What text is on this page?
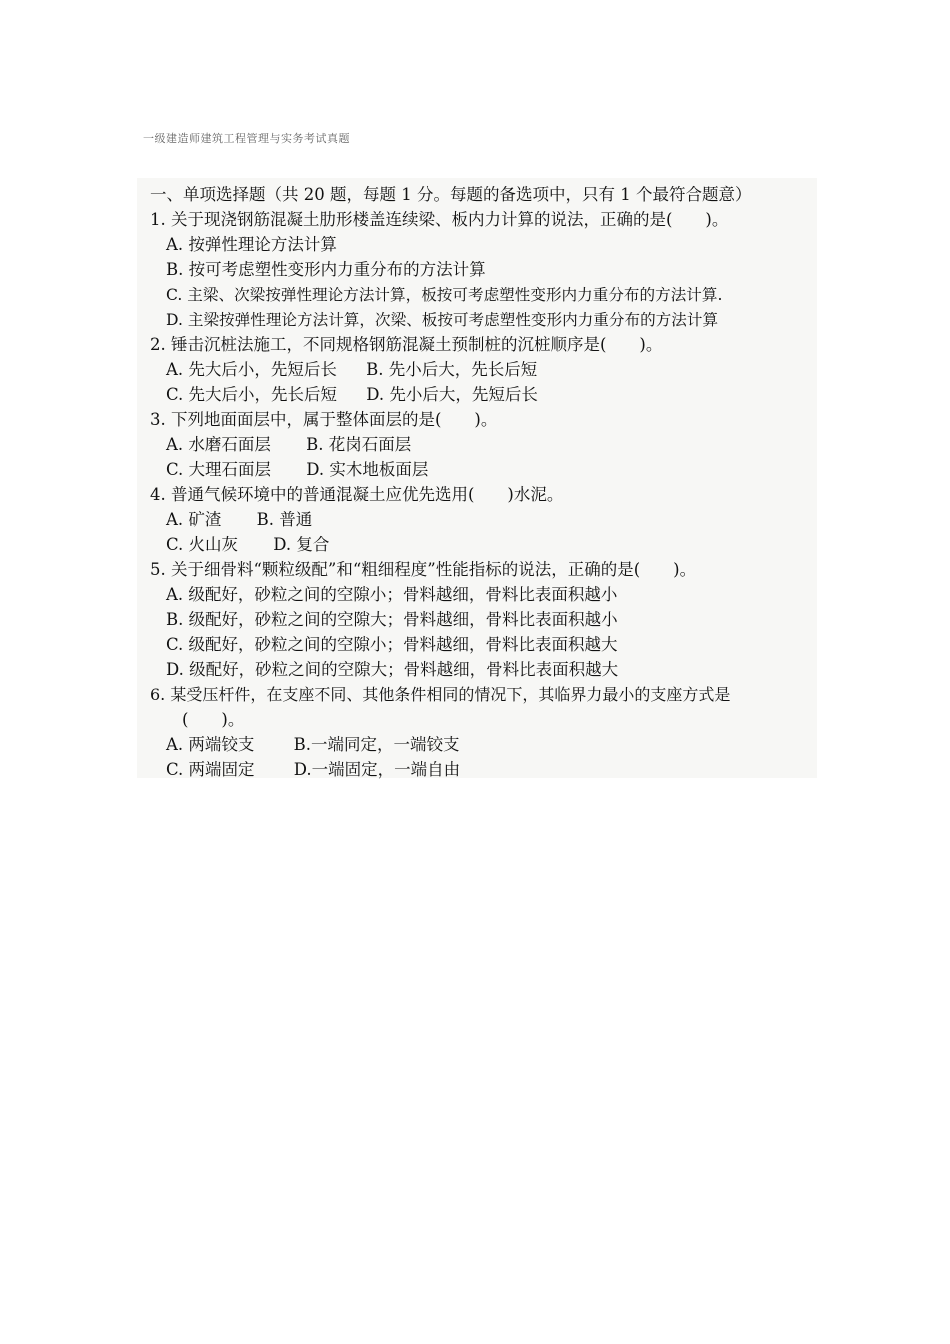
一级建造师建筑工程管理与实务考试真题
一、单项选择题（共 20 题，每题 1 分。每题的备选项中，只有 1 个最符合题意）
1. 关于现浇钢筋混凝土肋形楼盖连续梁、板内力计算的说法，正确的是(　　)。
A. 按弹性理论方法计算
B. 按可考虑塑性变形内力重分布的方法计算
C. 主梁、次梁按弹性理论方法计算，板按可考虑塑性变形内力重分布的方法计算.
D. 主梁按弹性理论方法计算，次梁、板按可考虑塑性变形内力重分布的方法计算
2. 锤击沉桩法施工，不同规格钢筋混凝土预制桩的沉桩顺序是(　　)。
A. 先大后小，先短后长 B. 先小后大，先长后短
C. 先大后小，先长后短 D. 先小后大，先短后长
3. 下列地面面层中，属于整体面层的是(　　)。
A. 水磨石面层 B. 花岗石面层
C. 大理石面层 D. 实木地板面层
4. 普通气候环境中的普通混凝土应优先选用(　　)水泥。
A. 矿渣 B. 普通
C. 火山灰 D. 复合
5. 关于细骨料“颗粒级配”和“粗细程度”性能指标的说法，正确的是(　　)。
A. 级配好，砂粒之间的空隙小；骨料越细，骨料比表面积越小
B. 级配好，砂粒之间的空隙大；骨料越细，骨料比表面积越小
C. 级配好，砂粒之间的空隙小；骨料越细，骨料比表面积越大
D. 级配好，砂粒之间的空隙大；骨料越细，骨料比表面积越大
6. 某受压杆件，在支座不同、其他条件相同的情况下，其临界力最小的支座方式是
(　　)。
A. 两端铰支 B.一端同定，一端铰支
C. 两端固定 D.一端固定，一端自由
